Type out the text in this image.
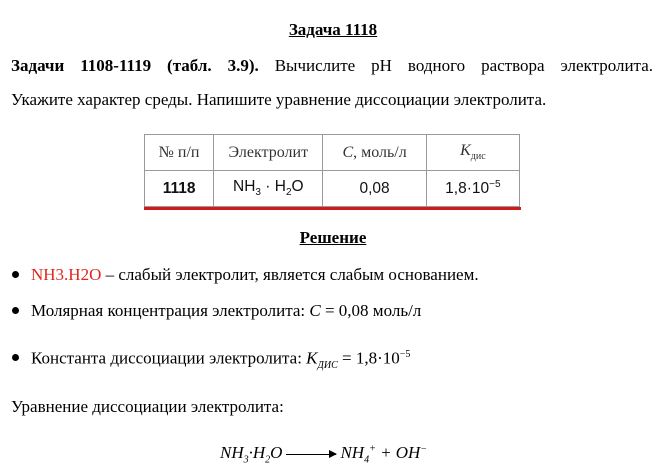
Задача 1118
Задачи 1108-1119 (табл. 3.9). Вычислите pH водного раствора электролита.
Укажите характер среды. Напишите уравнение диссоциации электролита.
№ п/п	Электролит	C, моль/л	$K_{дис}$
1118	$NH_3 \cdot H_2O$	0,08	$1,8\cdot 10^{-5}$
Решение
NH3.H2O – слабый электролит, является слабым основанием.
Молярная концентрация электролита: C = 0,08 моль/л
Константа диссоциации электролита: $K_{ДИС} = 1,8\cdot 10^{-5}$
Уравнение диссоциации электролита:
$NH_3\cdot H_2O \to NH_4^+ + OH^-$
